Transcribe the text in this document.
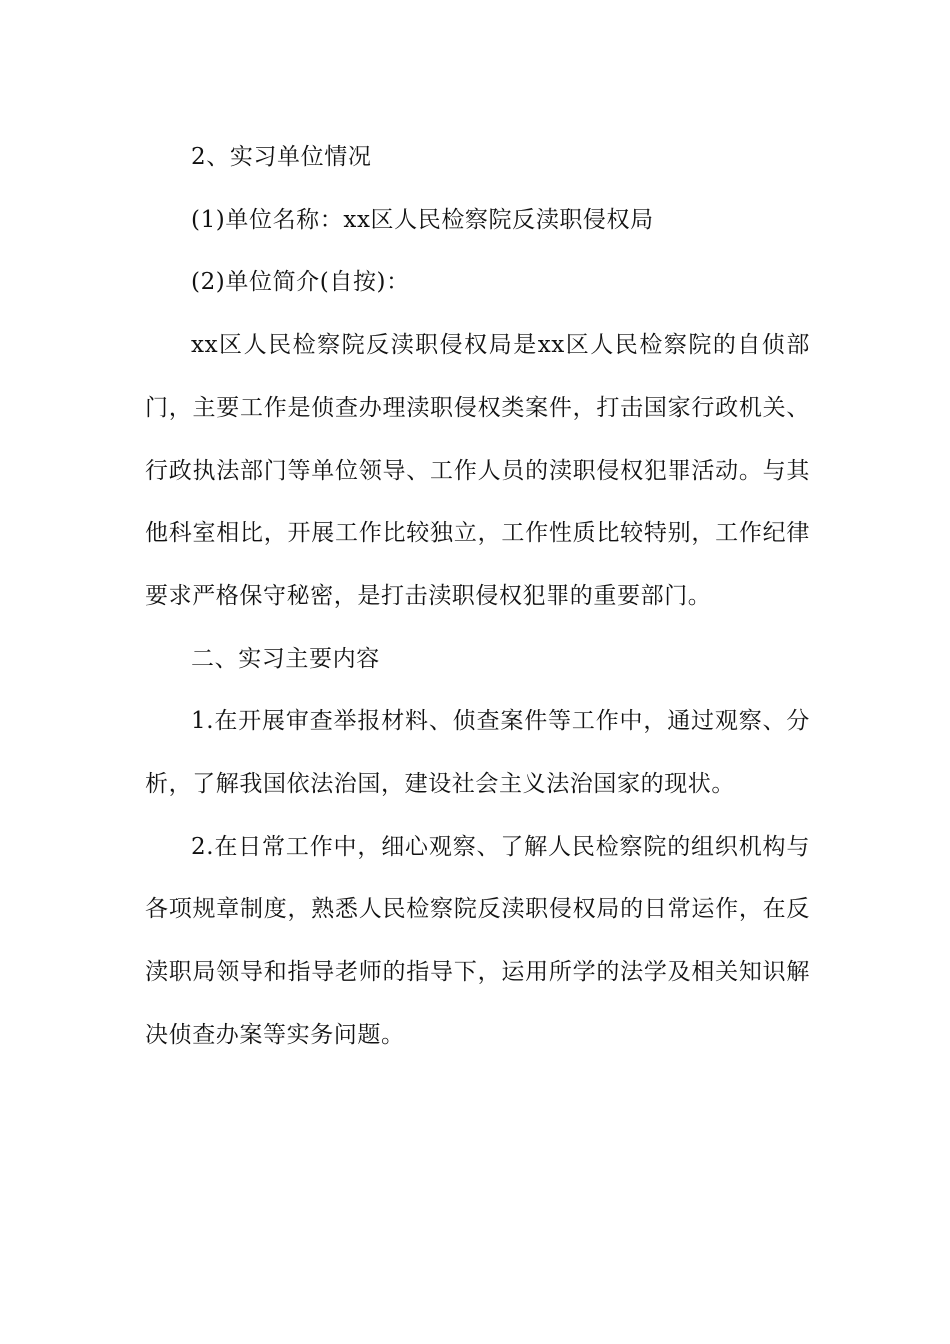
2、实习单位情况

(1)单位名称：xx区人民检察院反渎职侵权局

(2)单位简介(自按)：

xx区人民检察院反渎职侵权局是xx区人民检察院的自侦部门，主要工作是侦查办理渎职侵权类案件，打击国家行政机关、行政执法部门等单位领导、工作人员的渎职侵权犯罪活动。与其他科室相比，开展工作比较独立，工作性质比较特别，工作纪律要求严格保守秘密，是打击渎职侵权犯罪的重要部门。

二、实习主要内容

1.在开展审查举报材料、侦查案件等工作中，通过观察、分析，了解我国依法治国，建设社会主义法治国家的现状。

2.在日常工作中，细心观察、了解人民检察院的组织机构与各项规章制度，熟悉人民检察院反渎职侵权局的日常运作，在反渎职局领导和指导老师的指导下，运用所学的法学及相关知识解决侦查办案等实务问题。
